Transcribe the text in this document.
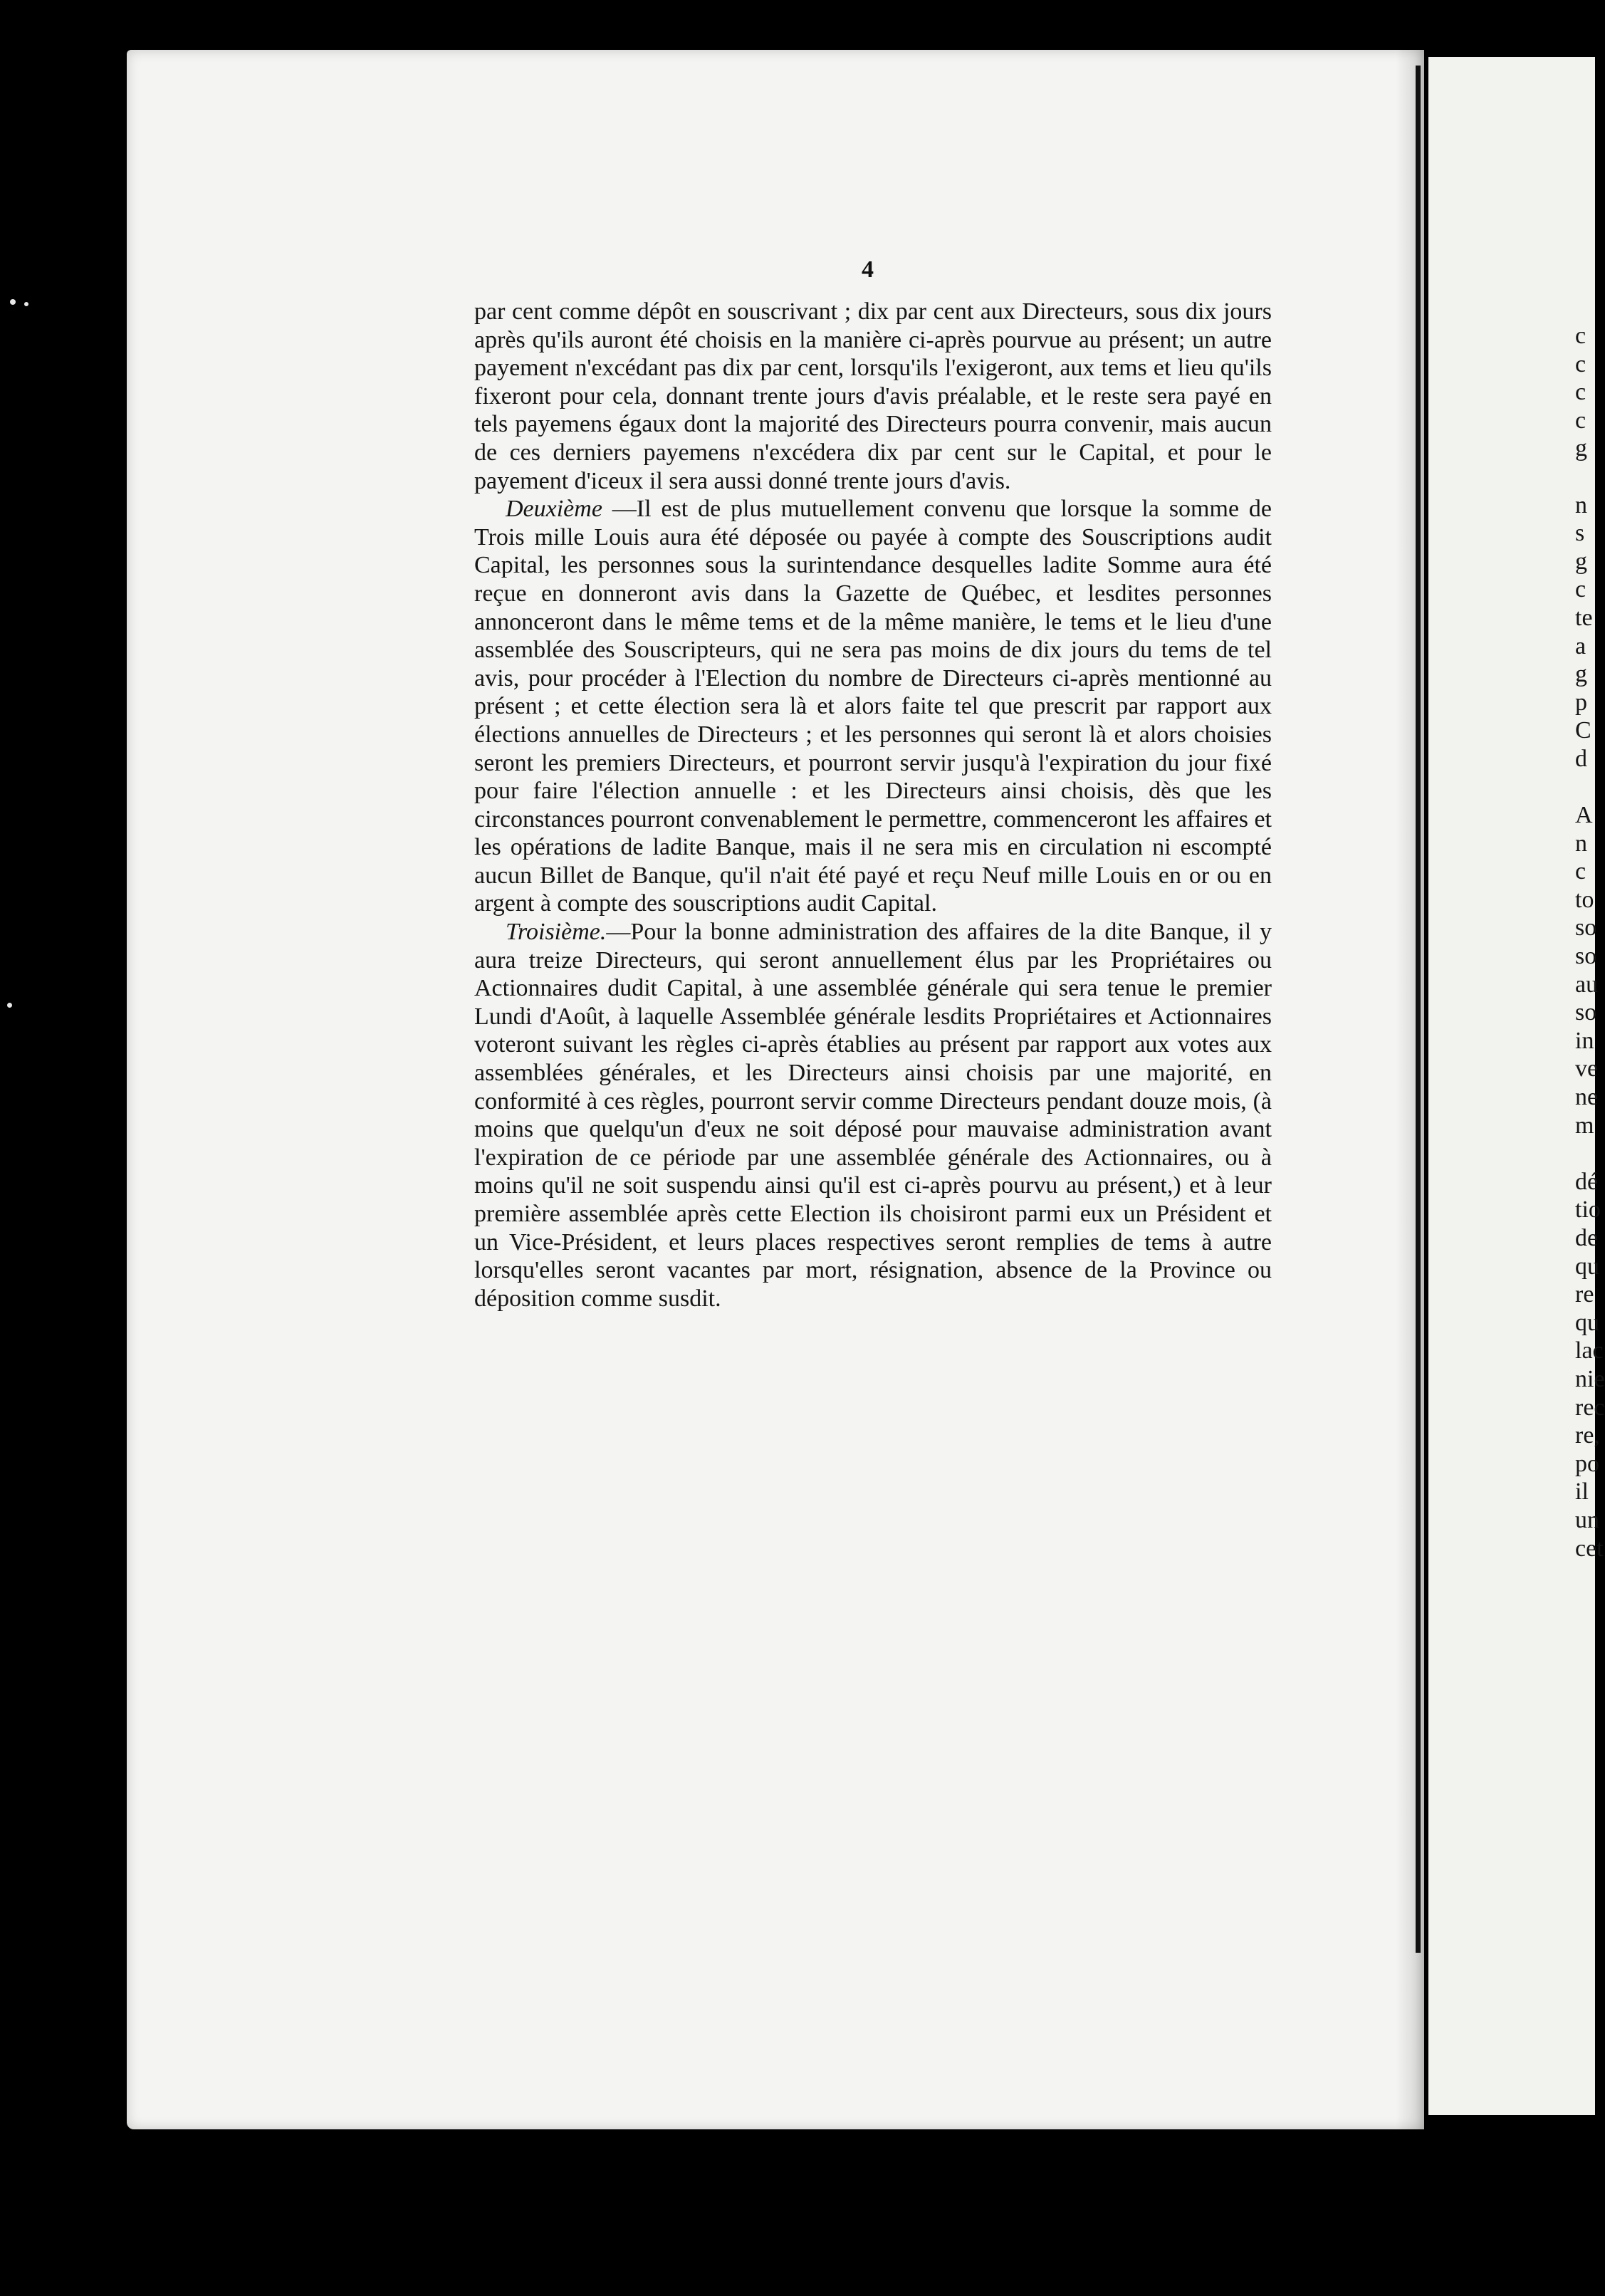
4

par cent comme dépôt en souscrivant ; dix par cent aux Directeurs, sous dix jours après qu'ils auront été choisis en la manière ci-après pourvue au présent; un autre payement n'excédant pas dix par cent, lorsqu'ils l'exigeront, aux tems et lieu qu'ils fixeront pour cela, donnant trente jours d'avis préalable, et le reste sera payé en tels payemens égaux dont la majorité des Directeurs pourra convenir, mais aucun de ces derniers payemens n'excédera dix par cent sur le Capital, et pour le payement d'iceux il sera aussi donné trente jours d'avis.

Deuxième —Il est de plus mutuellement convenu que lorsque la somme de Trois mille Louis aura été déposée ou payée à compte des Souscriptions audit Capital, les personnes sous la surintendance desquelles ladite Somme aura été reçue en donneront avis dans la Gazette de Québec, et lesdites personnes annonceront dans le même tems et de la même manière, le tems et le lieu d'une assemblée des Souscripteurs, qui ne sera pas moins de dix jours du tems de tel avis, pour procéder à l'Election du nombre de Directeurs ci-après mentionné au présent ; et cette élection sera là et alors faite tel que prescrit par rapport aux élections annuelles de Directeurs ; et les personnes qui seront là et alors choisies seront les premiers Directeurs, et pourront servir jusqu'à l'expiration du jour fixé pour faire l'élection annuelle : et les Directeurs ainsi choisis, dès que les circonstances pourront convenablement le permettre, commenceront les affaires et les opérations de ladite Banque, mais il ne sera mis en circulation ni escompté aucun Billet de Banque, qu'il n'ait été payé et reçu Neuf mille Louis en or ou en argent à compte des souscriptions audit Capital.

Troisième.—Pour la bonne administration des affaires de la dite Banque, il y aura treize Directeurs, qui seront annuellement élus par les Propriétaires ou Actionnaires dudit Capital, à une assemblée générale qui sera tenue le premier Lundi d'Août, à laquelle Assemblée générale lesdits Propriétaires et Actionnaires voteront suivant les règles ci-après établies au présent par rapport aux votes aux assemblées générales, et les Directeurs ainsi choisis par une majorité, en conformité à ces règles, pourront servir comme Directeurs pendant douze mois, (à moins que quelqu'un d'eux ne soit déposé pour mauvaise administration avant l'expiration de ce période par une assemblée générale des Actionnaires, ou à moins qu'il ne soit suspendu ainsi qu'il est ci-après pourvu au présent,) et à leur première assemblée après cette Election ils choisiront parmi eux un Président et un Vice-Président, et leurs places respectives seront remplies de tems à autre lorsqu'elles seront vacantes par mort, résignation, absence de la Province ou déposition comme susdit.

c
c
c
c
g
n
s
g
c
te
a
g
p
C
d
A
n
c
to
so
so
au
so
in
ve
ne
m
dé
tio
de
qu
re
qu
lac
nie
rec
re,
po
il
un
cet
